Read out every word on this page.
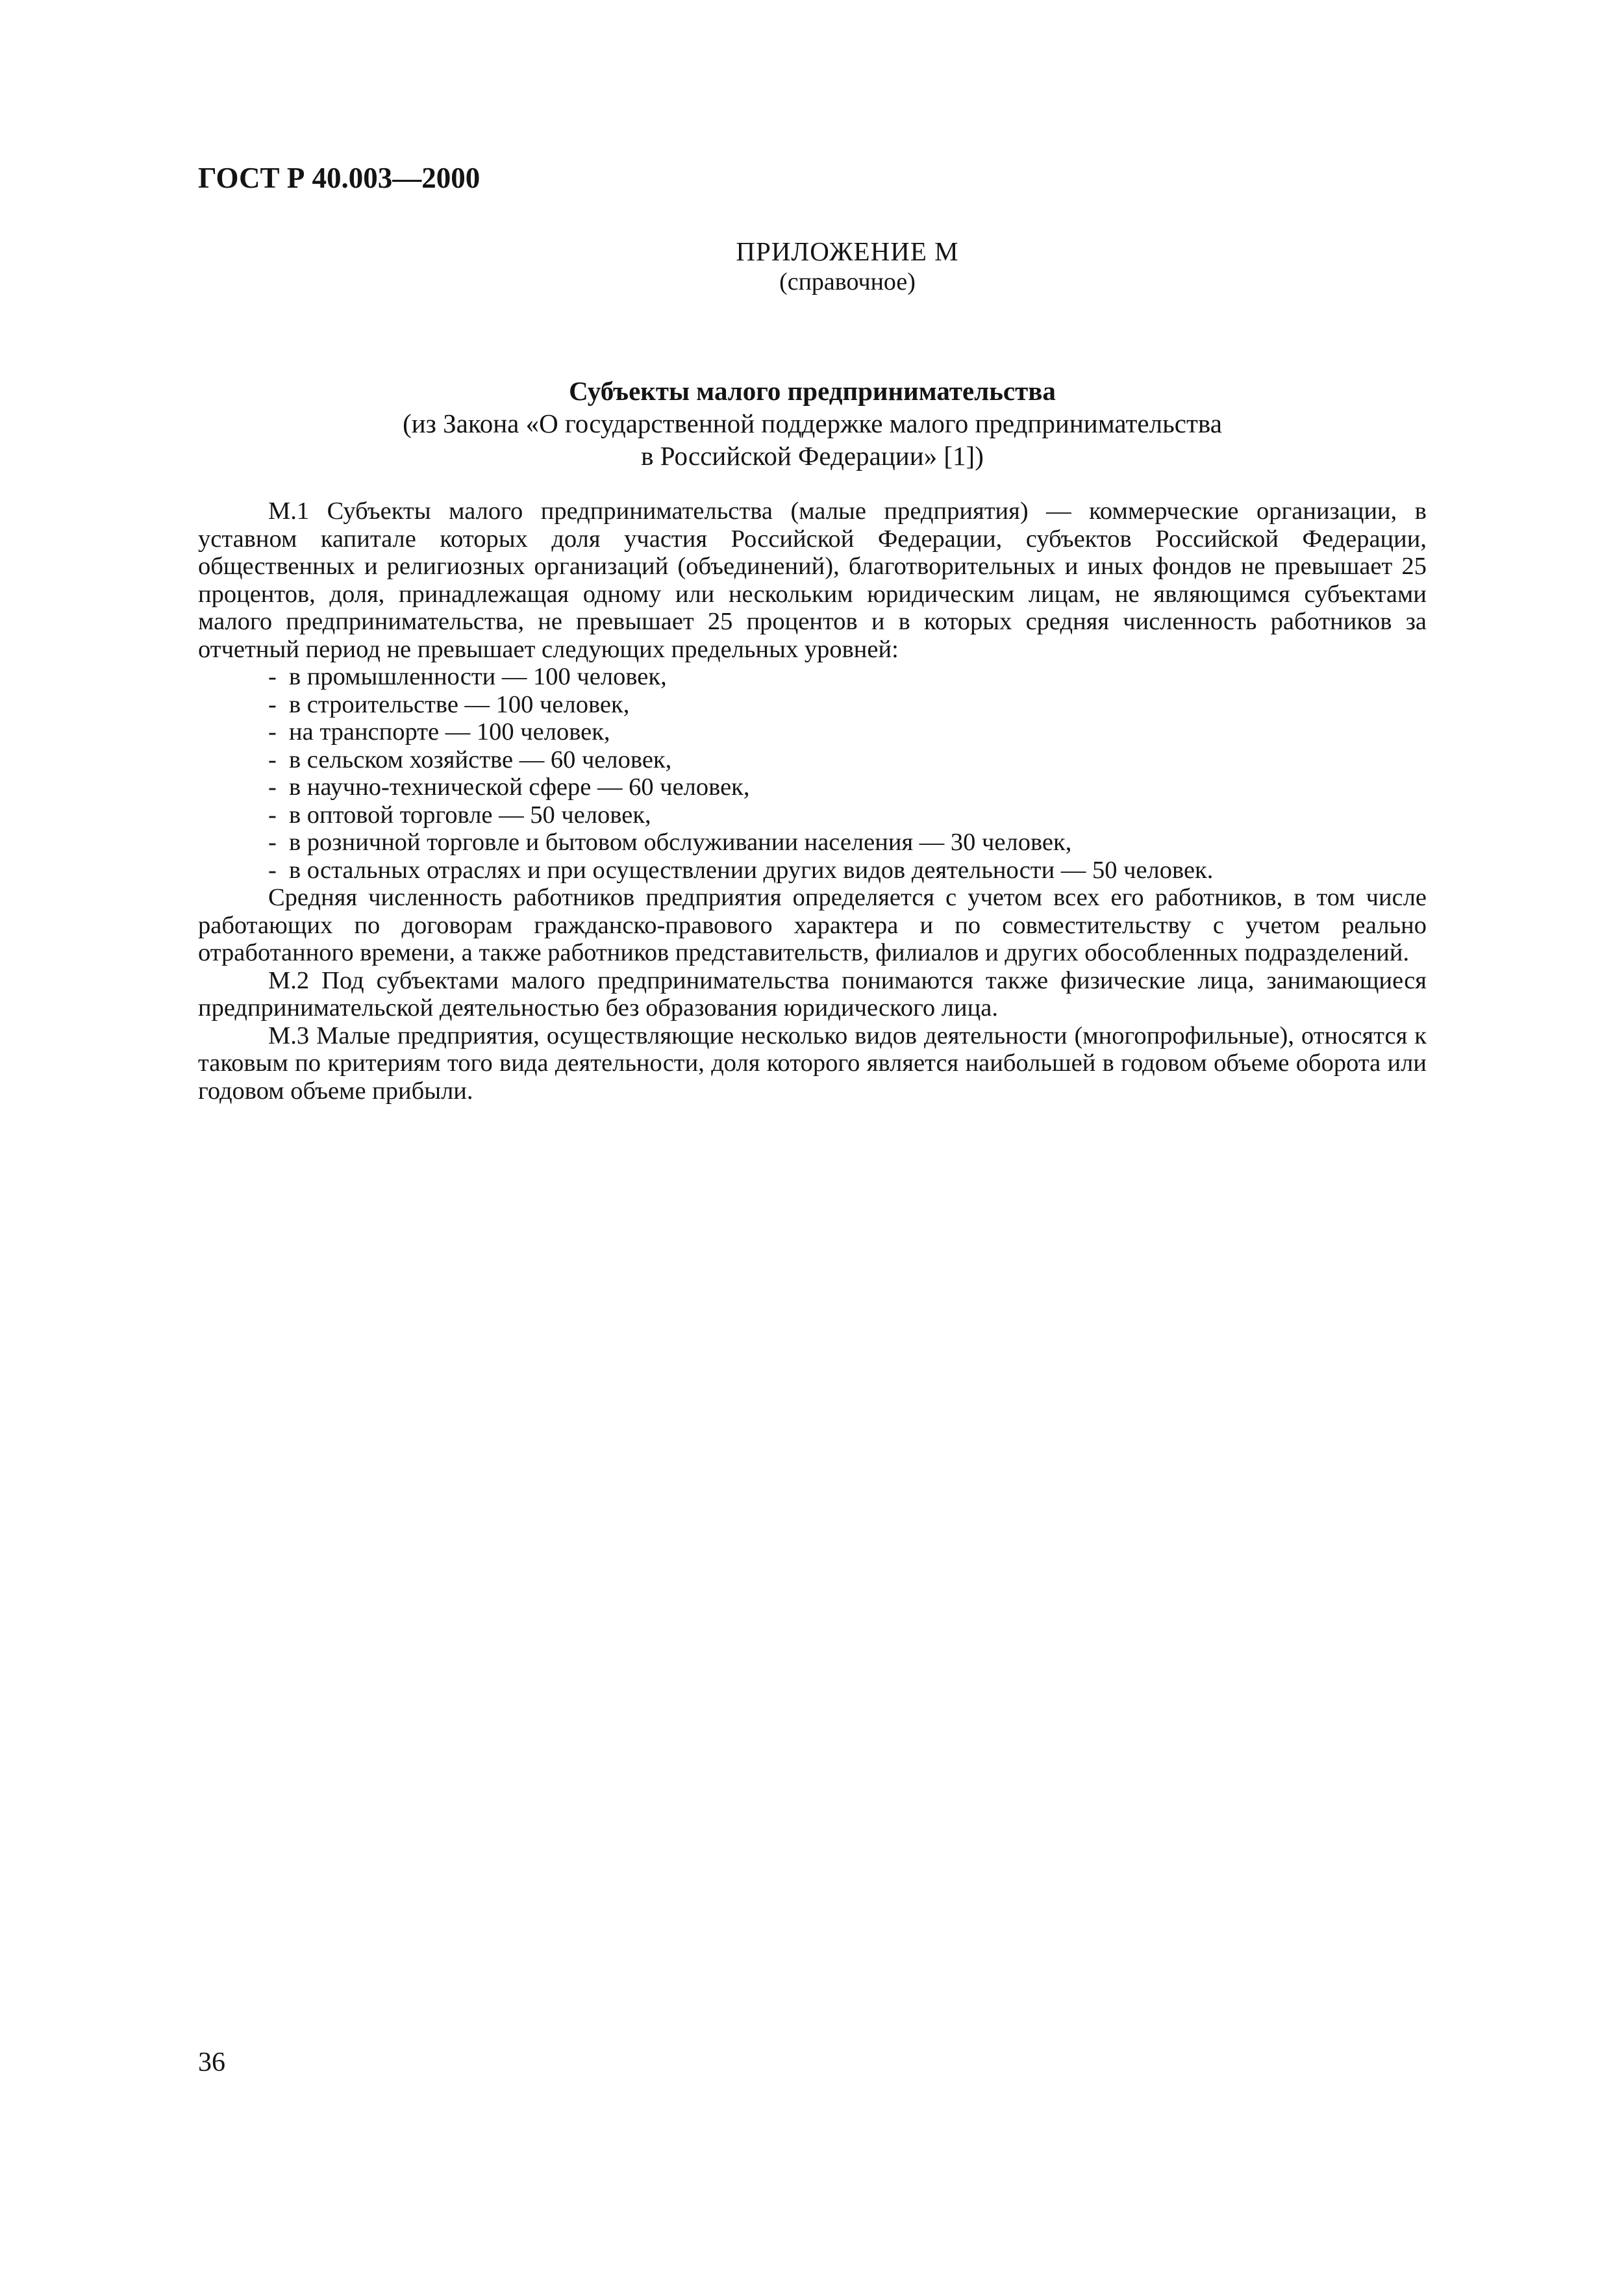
ГОСТ Р 40.003—2000
ПРИЛОЖЕНИЕ М
(справочное)
Субъекты малого предпринимательства
(из Закона «О государственной поддержке малого предпринимательства
в Российской Федерации» [1])

М.1 Субъекты малого предпринимательства (малые предприятия) — коммерческие организации, в уставном капитале которых доля участия Российской Федерации, субъектов Российской Федерации, общественных и религиозных организаций (объединений), благотворительных и иных фондов не превышает 25 процентов, доля, принадлежащая одному или нескольким юридическим лицам, не являющимся субъектами малого предпринимательства, не превышает 25 процентов и в которых средняя численность работников за отчетный период не превышает следующих предельных уровней:

- в промышленности — 100 человек,
- в строительстве — 100 человек,
- на транспорте — 100 человек,
- в сельском хозяйстве — 60 человек,
- в научно-технической сфере — 60 человек,
- в оптовой торговле — 50 человек,
- в розничной торговле и бытовом обслуживании населения — 30 человек,
- в остальных отраслях и при осуществлении других видов деятельности — 50 человек.

Средняя численность работников предприятия определяется с учетом всех его работников, в том числе работающих по договорам гражданско-правового характера и по совместительству с учетом реально отработанного времени, а также работников представительств, филиалов и других обособленных подразделений.

М.2 Под субъектами малого предпринимательства понимаются также физические лица, занимающиеся предпринимательской деятельностью без образования юридического лица.

М.3 Малые предприятия, осуществляющие несколько видов деятельности (многопрофильные), относятся к таковым по критериям того вида деятельности, доля которого является наибольшей в годовом объеме оборота или годовом объеме прибыли.

36
